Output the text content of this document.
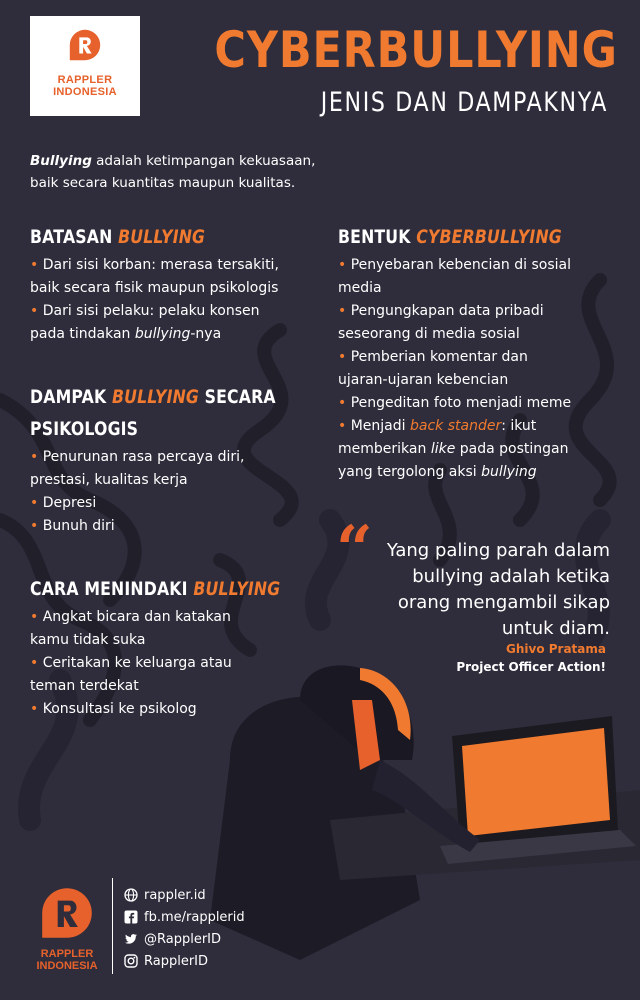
RAPPLER
INDONESIA
CYBERBULLYING
JENIS DAN DAMPAKNYA
Bullying adalah ketimpangan kekuasaan,
baik secara kuantitas maupun kualitas.
BATASAN BULLYING
• Dari sisi korban: merasa tersakiti,
baik secara fisik maupun psikologis
• Dari sisi pelaku: pelaku konsen
pada tindakan bullying-nya
DAMPAK BULLYING SECARA
PSIKOLOGIS
• Penurunan rasa percaya diri,
prestasi, kualitas kerja
• Depresi
• Bunuh diri
CARA MENINDAKI BULLYING
• Angkat bicara dan katakan
kamu tidak suka
• Ceritakan ke keluarga atau
teman terdekat
• Konsultasi ke psikolog
BENTUK CYBERBULLYING
• Penyebaran kebencian di sosial
media
• Pengungkapan data pribadi
seseorang di media sosial
• Pemberian komentar dan
ujaran-ujaran kebencian
• Pengeditan foto menjadi meme
• Menjadi back stander: ikut
memberikan like pada postingan
yang tergolong aksi bullying
“ Yang paling parah dalam
bullying adalah ketika
orang mengambil sikap
untuk diam.
Ghivo Pratama
Project Officer Action!
RAPPLER
INDONESIA
rappler.id
fb.me/rapplerid
@RapplerID
RapplerID
